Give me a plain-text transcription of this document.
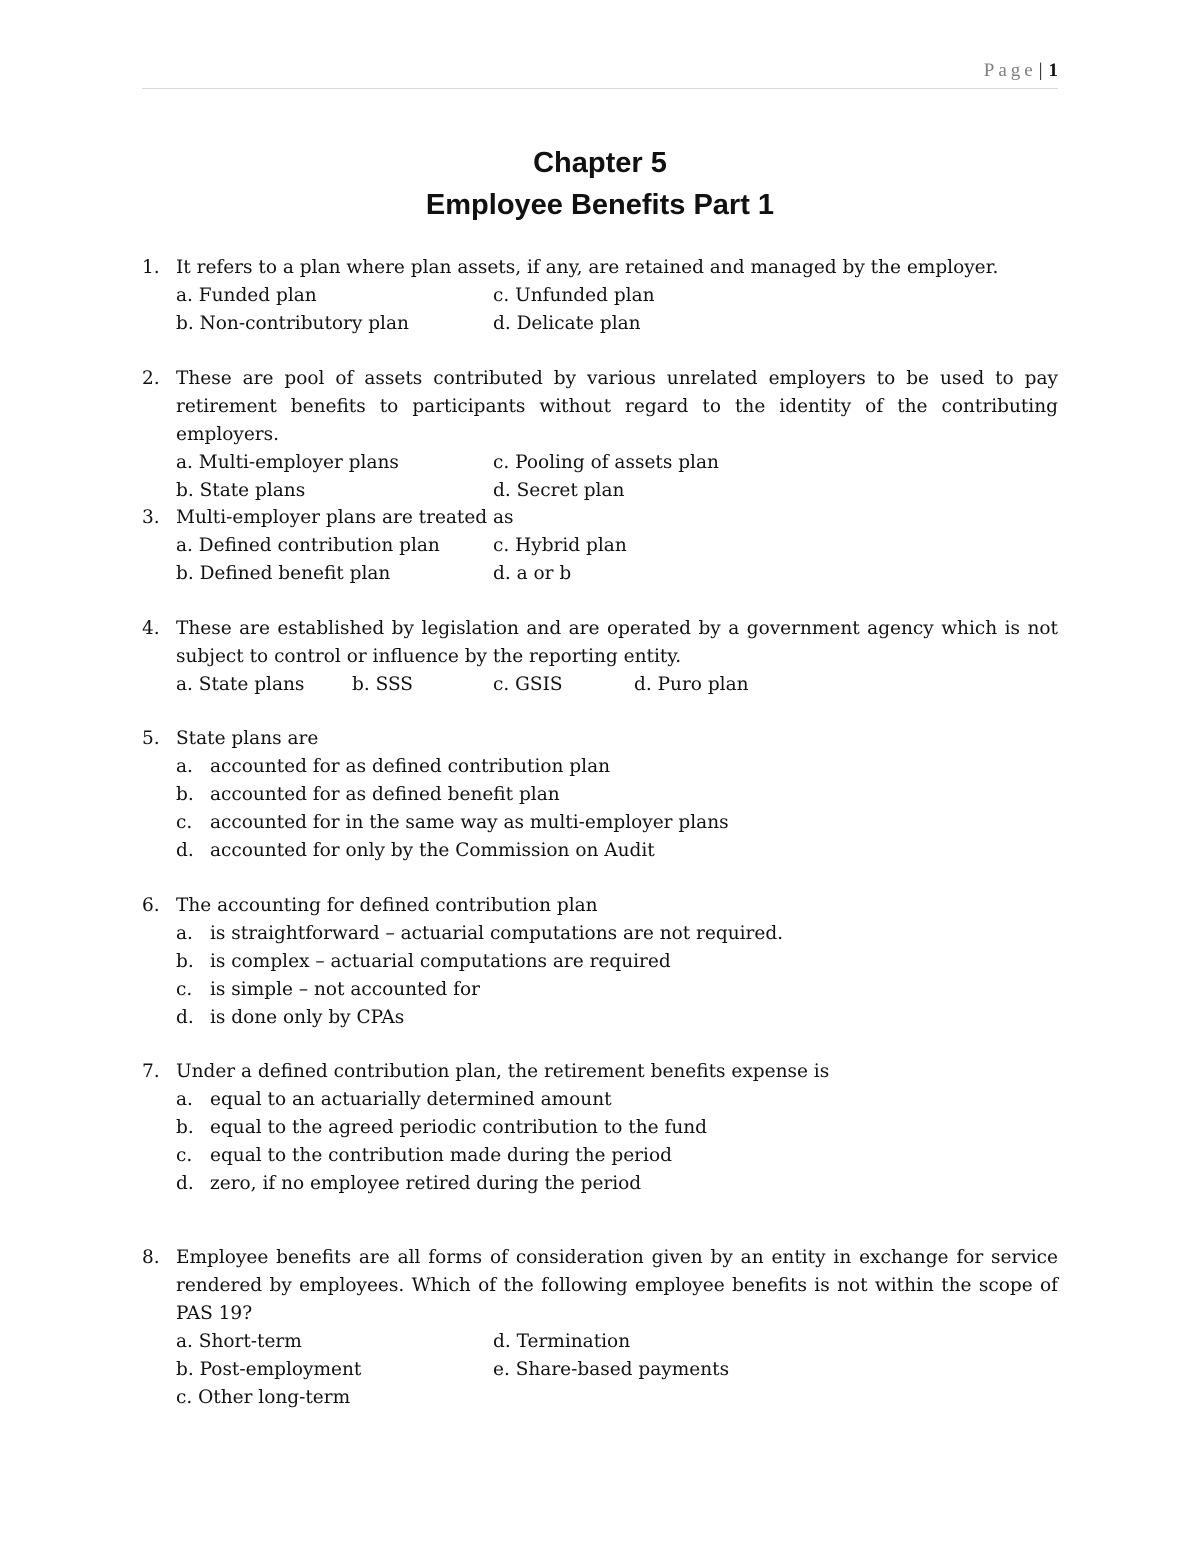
Page | 1
Chapter 5
Employee Benefits Part 1
1. It refers to a plan where plan assets, if any, are retained and managed by the employer.
a. Funded plan	c. Unfunded plan
b. Non-contributory plan	d. Delicate plan
2. These are pool of assets contributed by various unrelated employers to be used to pay retirement benefits to participants without regard to the identity of the contributing employers.
a. Multi-employer plans	c. Pooling of assets plan
b. State plans	d. Secret plan
3. Multi-employer plans are treated as
a. Defined contribution plan	c. Hybrid plan
b. Defined benefit plan	d. a or b
4. These are established by legislation and are operated by a government agency which is not subject to control or influence by the reporting entity.
a. State plans	b. SSS	c. GSIS	d. Puro plan
5. State plans are
a. accounted for as defined contribution plan
b. accounted for as defined benefit plan
c. accounted for in the same way as multi-employer plans
d. accounted for only by the Commission on Audit
6. The accounting for defined contribution plan
a. is straightforward – actuarial computations are not required.
b. is complex – actuarial computations are required
c. is simple – not accounted for
d. is done only by CPAs
7. Under a defined contribution plan, the retirement benefits expense is
a. equal to an actuarially determined amount
b. equal to the agreed periodic contribution to the fund
c. equal to the contribution made during the period
d. zero, if no employee retired during the period
8. Employee benefits are all forms of consideration given by an entity in exchange for service rendered by employees. Which of the following employee benefits is not within the scope of PAS 19?
a. Short-term	d. Termination
b. Post-employment	e. Share-based payments
c. Other long-term
